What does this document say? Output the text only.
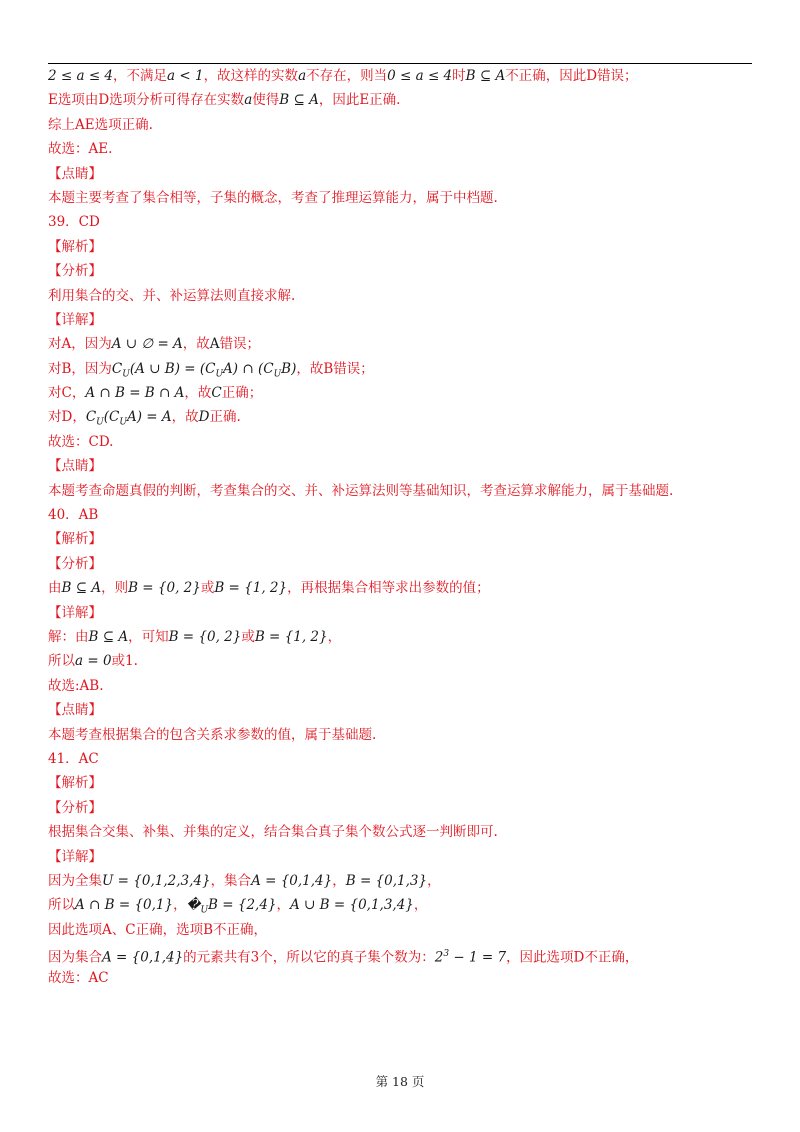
2 ≤ a ≤ 4，不满足a < 1，故这样的实数a不存在，则当0 ≤ a ≤ 4时B ⊆ A不正确，因此D错误；
E选项由D选项分析可得存在实数a使得B ⊆ A，因此E正确.
综上AE选项正确.
故选：AE.
【点睛】
本题主要考查了集合相等，子集的概念，考查了推理运算能力，属于中档题.
39．CD
【解析】
【分析】
利用集合的交、并、补运算法则直接求解.
【详解】
对A，因为A ∪ ∅ = A，故A错误；
对B，因为$C_U(A$ ∪ $B) = (C_UA)$ ∩ $(C_UB)$，故B错误；
对C，A ∩ B = B ∩ A，故C正确；
对D，$C_U(C_UA) = A$，故D正确.
故选：CD.
【点睛】
本题考查命题真假的判断，考查集合的交、并、补运算法则等基础知识，考查运算求解能力，属于基础题.
40．AB
【解析】
【分析】
由B ⊆ A，则B = {0, 2}或B = {1, 2}，再根据集合相等求出参数的值；
【详解】
解：由B ⊆ A，可知B = {0, 2}或B = {1, 2}，
所以a = 0或1.
故选:AB.
【点睛】
本题考查根据集合的包含关系求参数的值，属于基础题.
41．AC
【解析】
【分析】
根据集合交集、补集、并集的定义，结合集合真子集个数公式逐一判断即可.
【详解】
因为全集U = {0,1,2,3,4}，集合A = {0,1,4}，B = {0,1,3}，
所以A ∩ B = {0,1}，$�_UB = \{2,4\}$，A ∪ B = {0,1,3,4}，
因此选项A、C正确，选项B不正确，
因为集合A = {0,1,4}的元素共有3个，所以它的真子集个数为：$2^3 - 1 = 7$，因此选项D不正确，
故选：AC
第 18 页
